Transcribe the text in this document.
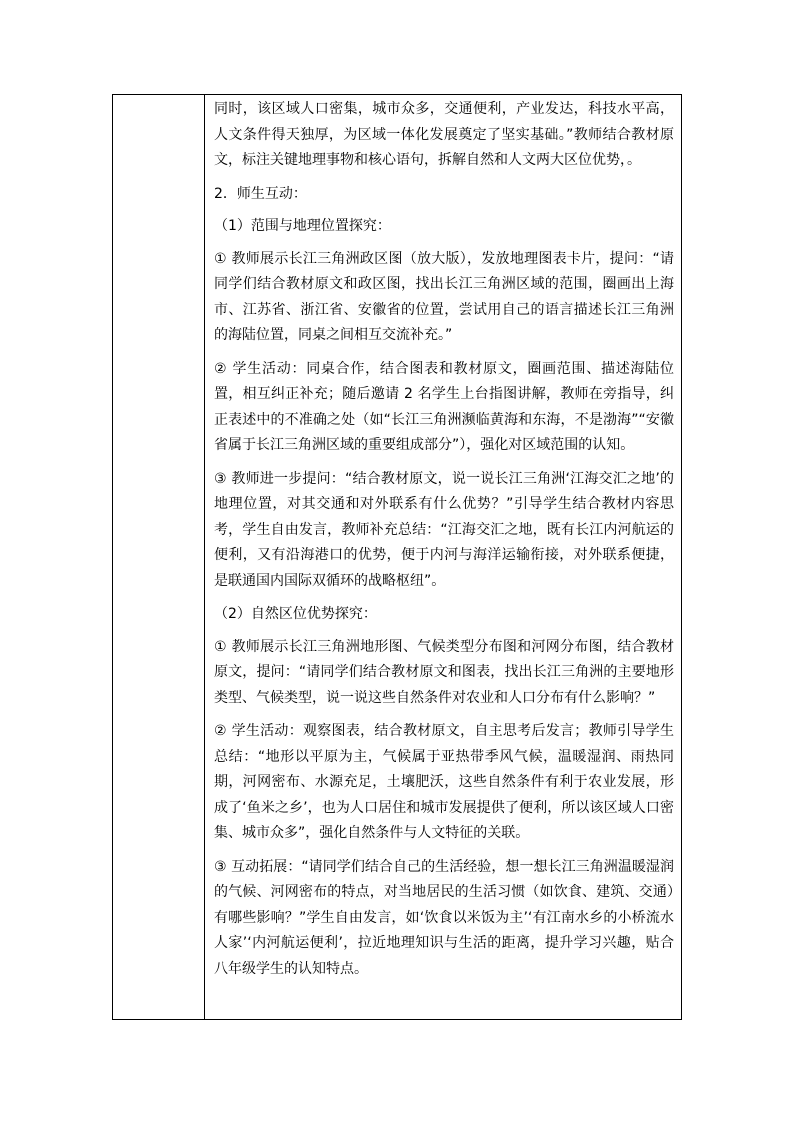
同时，该区域人口密集，城市众多，交通便利，产业发达，科技水平高，人文条件得天独厚，为区域一体化发展奠定了坚实基础。”教师结合教材原文，标注关键地理事物和核心语句，拆解自然和人文两大区位优势，。

2．师生互动：

（1）范围与地理位置探究：

① 教师展示长江三角洲政区图（放大版），发放地理图表卡片，提问：“请同学们结合教材原文和政区图，找出长江三角洲区域的范围，圈画出上海市、江苏省、浙江省、安徽省的位置，尝试用自己的语言描述长江三角洲的海陆位置，同桌之间相互交流补充。”

② 学生活动：同桌合作，结合图表和教材原文，圈画范围、描述海陆位置，相互纠正补充；随后邀请 2 名学生上台指图讲解，教师在旁指导，纠正表述中的不准确之处（如“长江三角洲濒临黄海和东海，不是渤海”“安徽省属于长江三角洲区域的重要组成部分”），强化对区域范围的认知。

③ 教师进一步提问：“结合教材原文，说一说长江三角洲‘江海交汇之地’的地理位置，对其交通和对外联系有什么优势？”引导学生结合教材内容思考，学生自由发言，教师补充总结：“江海交汇之地，既有长江内河航运的便利，又有沿海港口的优势，便于内河与海洋运输衔接，对外联系便捷，是联通国内国际双循环的战略枢纽”。

（2）自然区位优势探究：

① 教师展示长江三角洲地形图、气候类型分布图和河网分布图，结合教材原文，提问：“请同学们结合教材原文和图表，找出长江三角洲的主要地形类型、气候类型，说一说这些自然条件对农业和人口分布有什么影响？”

② 学生活动：观察图表，结合教材原文，自主思考后发言；教师引导学生总结：“地形以平原为主，气候属于亚热带季风气候，温暖湿润、雨热同期，河网密布、水源充足，土壤肥沃，这些自然条件有利于农业发展，形成了‘鱼米之乡’，也为人口居住和城市发展提供了便利，所以该区域人口密集、城市众多”，强化自然条件与人文特征的关联。

③ 互动拓展：“请同学们结合自己的生活经验，想一想长江三角洲温暖湿润的气候、河网密布的特点，对当地居民的生活习惯（如饮食、建筑、交通）有哪些影响？”学生自由发言，如‘饮食以米饭为主’‘有江南水乡的小桥流水人家’‘内河航运便利’，拉近地理知识与生活的距离，提升学习兴趣，贴合八年级学生的认知特点。
